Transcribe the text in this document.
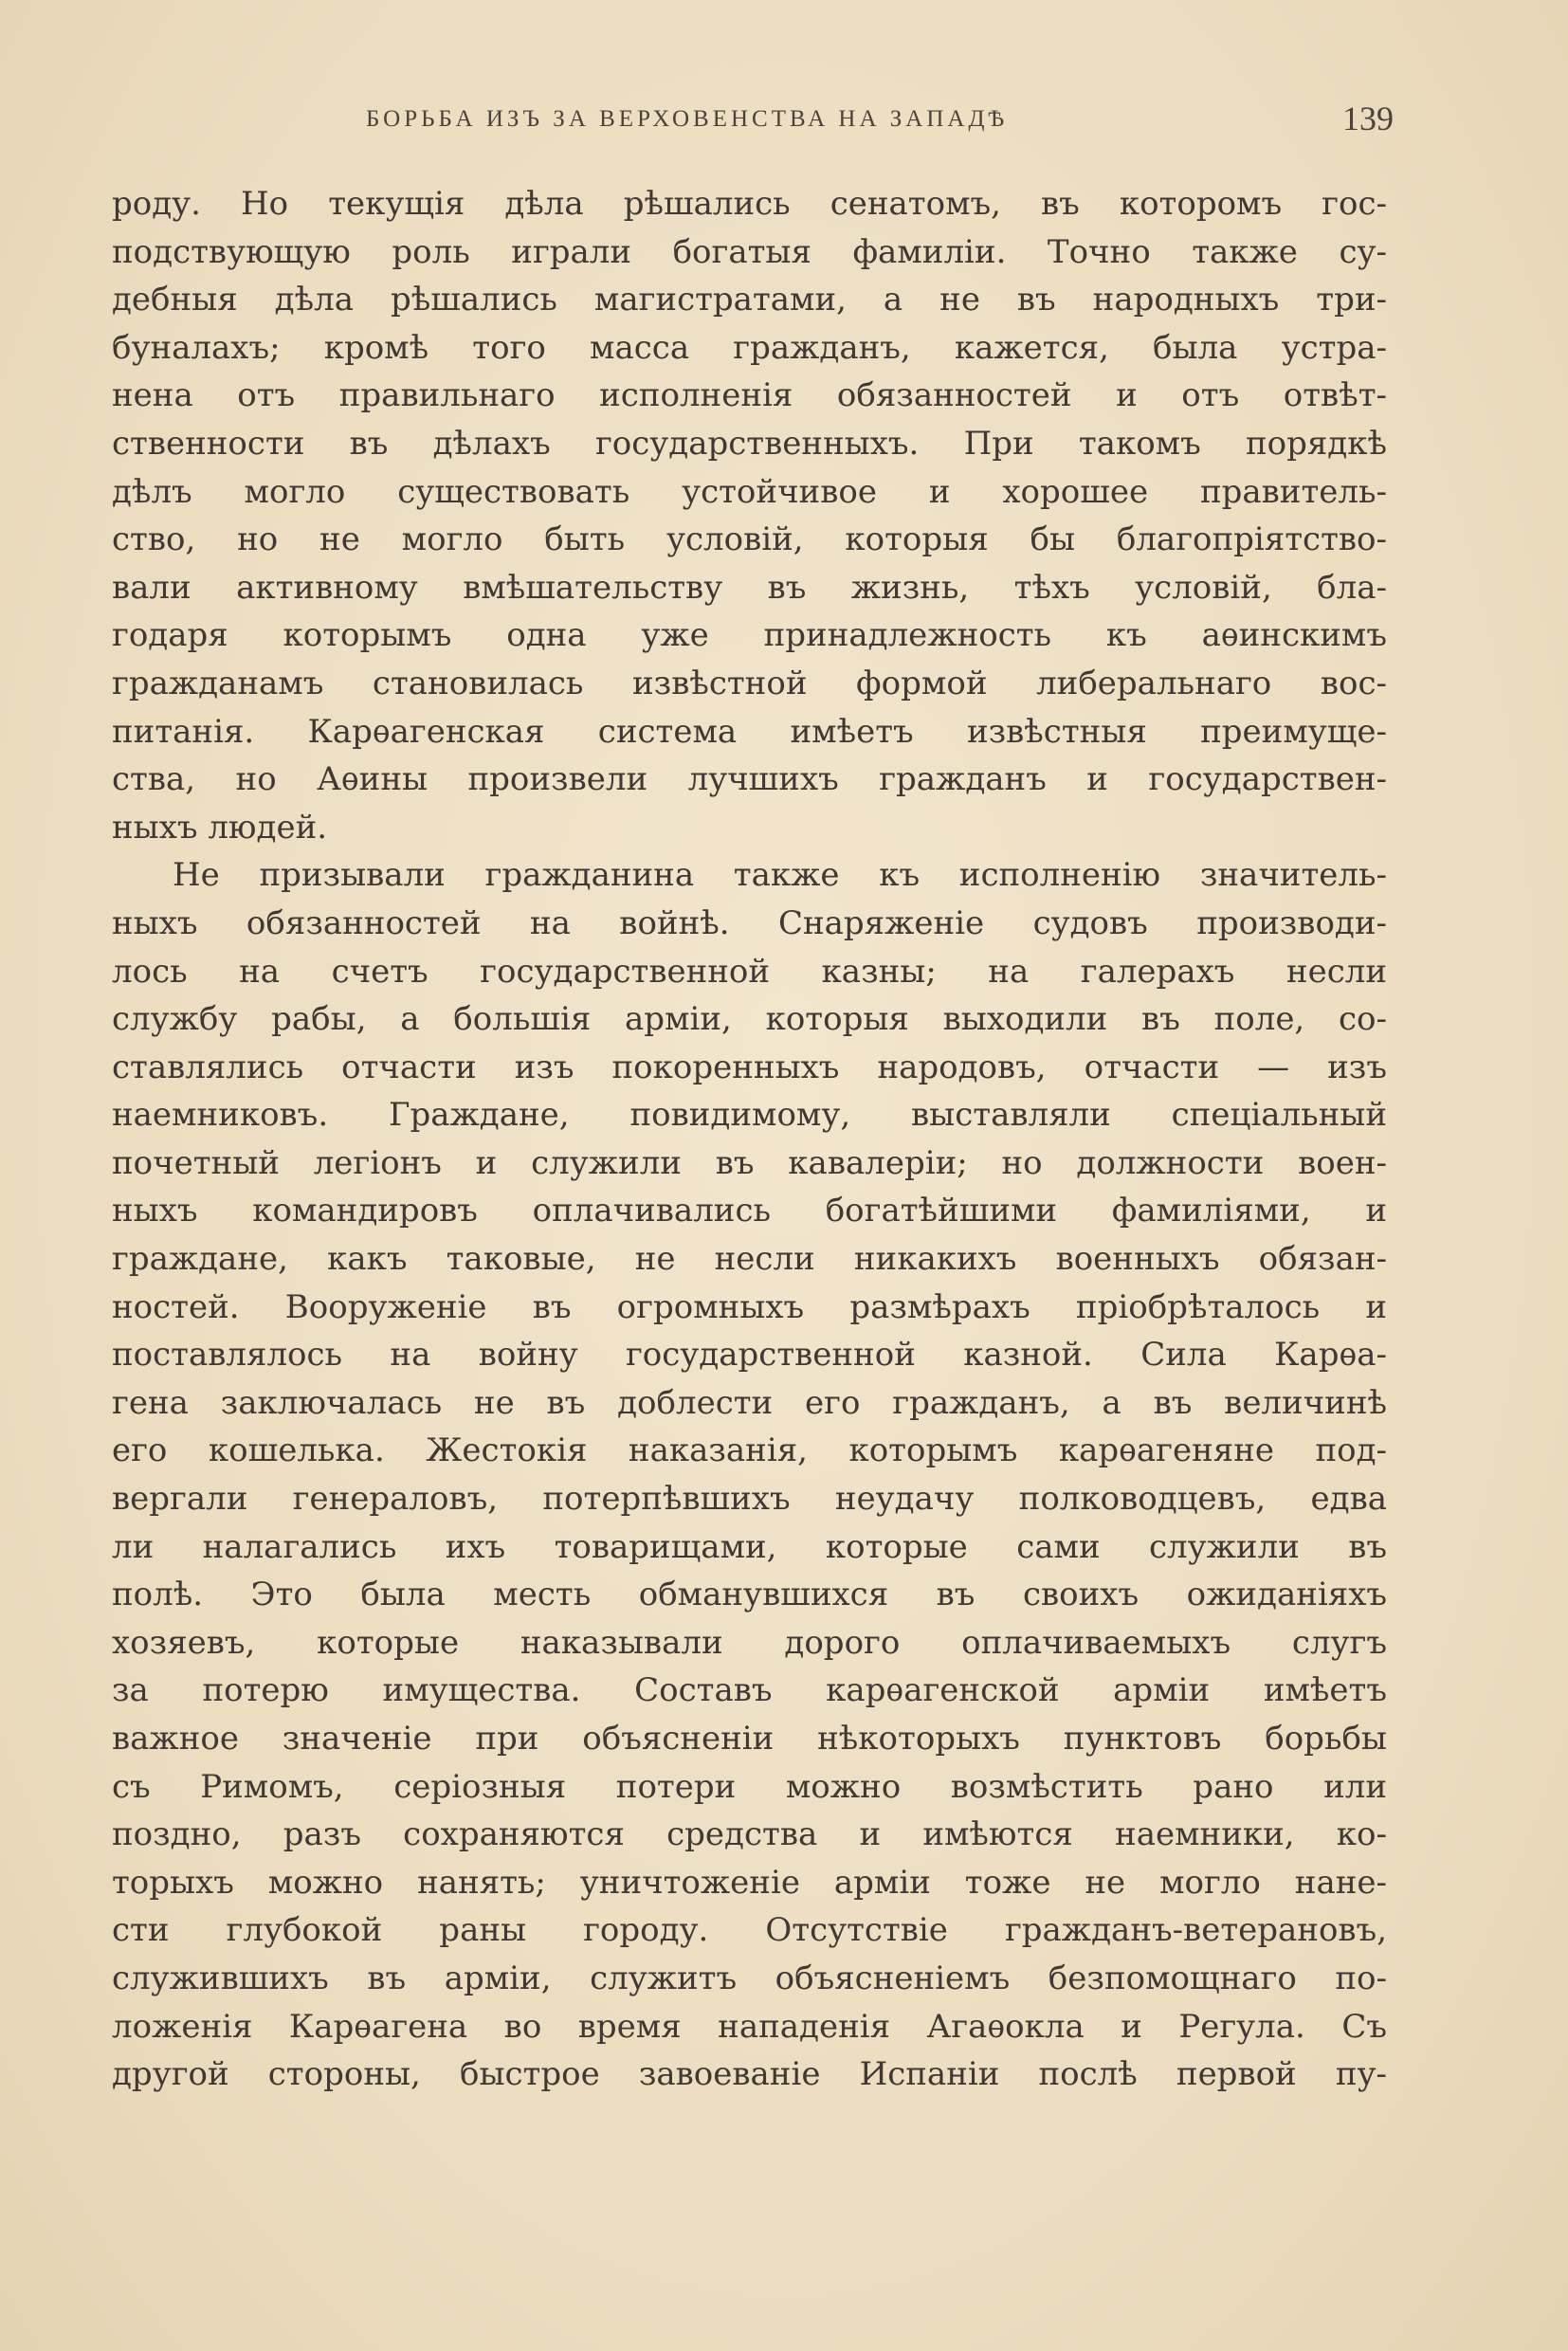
БОРЬБА ИЗЪ ЗА ВЕРХОВЕНСТВА НА ЗАПАДѢ	139
роду. Но текущія дѣла рѣшались сенатомъ, въ которомъ гос-
подствующую роль играли богатыя фамиліи. Точно также су-
дебныя дѣла рѣшались магистратами, а не въ народныхъ три-
буналахъ; кромѣ того масса гражданъ, кажется, была устра-
нена отъ правильнаго исполненія обязанностей и отъ отвѣт-
ственности въ дѣлахъ государственныхъ. При такомъ порядкѣ
дѣлъ могло существовать устойчивое и хорошее правитель-
ство, но не могло быть условій, которыя бы благопріятство-
вали активному вмѣшательству въ жизнь, тѣхъ условій, бла-
годаря которымъ одна уже принадлежность къ аѳинскимъ
гражданамъ становилась извѣстной формой либеральнаго вос-
питанія. Карѳагенская система имѣетъ извѣстныя преимуще-
ства, но Аѳины произвели лучшихъ гражданъ и государствен-
ныхъ людей.
Не призывали гражданина также къ исполненію значитель-
ныхъ обязанностей на войнѣ. Снаряженіе судовъ производи-
лось на счетъ государственной казны; на галерахъ несли
службу рабы, а большія арміи, которыя выходили въ поле, со-
ставлялись отчасти изъ покоренныхъ народовъ, отчасти — изъ
наемниковъ. Граждане, повидимому, выставляли спеціальный
почетный легіонъ и служили въ кавалеріи; но должности воен-
ныхъ командировъ оплачивались богатѣйшими фамиліями, и
граждане, какъ таковые, не несли никакихъ военныхъ обязан-
ностей. Вооруженіе въ огромныхъ размѣрахъ пріобрѣталось и
поставлялось на войну государственной казной. Сила Карѳа-
гена заключалась не въ доблести его гражданъ, а въ величинѣ
его кошелька. Жестокія наказанія, которымъ карѳагеняне под-
вергали генераловъ, потерпѣвшихъ неудачу полководцевъ, едва
ли налагались ихъ товарищами, которые сами служили въ
полѣ. Это была месть обманувшихся въ своихъ ожиданіяхъ
хозяевъ, которые наказывали дорого оплачиваемыхъ слугъ
за потерю имущества. Составъ карѳагенской арміи имѣетъ
важное значеніе при объясненіи нѣкоторыхъ пунктовъ борьбы
съ Римомъ, серіозныя потери можно возмѣстить рано или
поздно, разъ сохраняются средства и имѣются наемники, ко-
торыхъ можно нанять; уничтоженіе арміи тоже не могло нане-
сти глубокой раны городу. Отсутствіе гражданъ-ветерановъ,
служившихъ въ арміи, служитъ объясненіемъ безпомощнаго по-
ложенія Карѳагена во время нападенія Агаѳокла и Регула. Съ
другой стороны, быстрое завоеваніе Испаніи послѣ первой пу-
